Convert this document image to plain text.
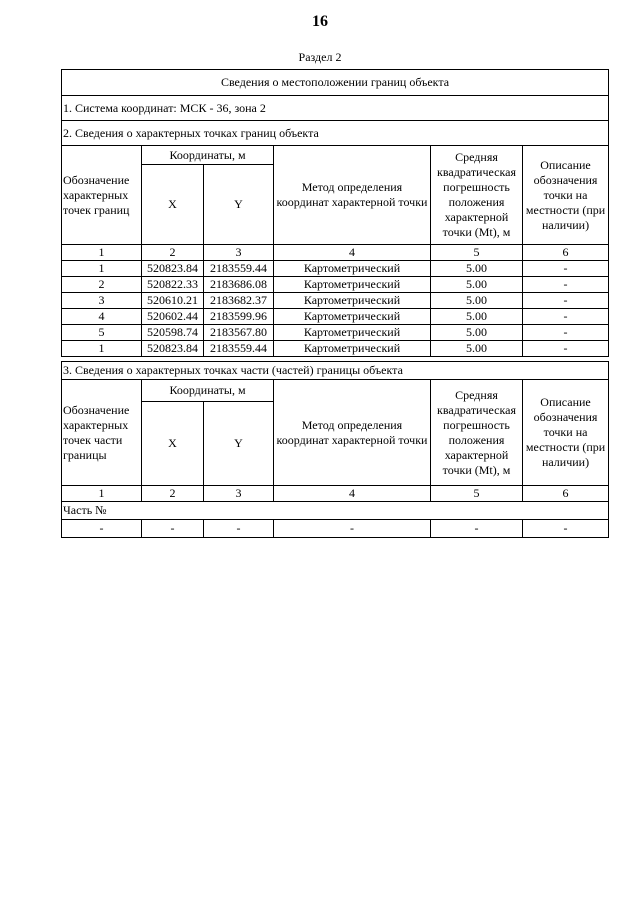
16
Раздел 2
Сведения о местоположении границ объекта					
1. Система координат: МСК - 36, зона 2					
2. Сведения о характерных точках границ объекта					
Обозначение характерных точек границ	Координаты, м		Метод определения координат характерной точки	Средняя квадратическая погрешность положения характерной точки (Mt), м	Описание обозначения точки на местности (при наличии)
	X	Y			
1	2	3	4	5	6
1	520823.84	2183559.44	Картометрический	5.00	-
2	520822.33	2183686.08	Картометрический	5.00	-
3	520610.21	2183682.37	Картометрический	5.00	-
4	520602.44	2183599.96	Картометрический	5.00	-
5	520598.74	2183567.80	Картометрический	5.00	-
1	520823.84	2183559.44	Картометрический	5.00	-
3. Сведения о характерных точках части (частей) границы объекта					
Обозначение характерных точек части границы	Координаты, м		Метод определения координат характерной точки	Средняя квадратическая погрешность положения характерной точки (Mt), м	Описание обозначения точки на местности (при наличии)
	X	Y			
1	2	3	4	5	6
Часть №					
-	-	-	-	-	-
